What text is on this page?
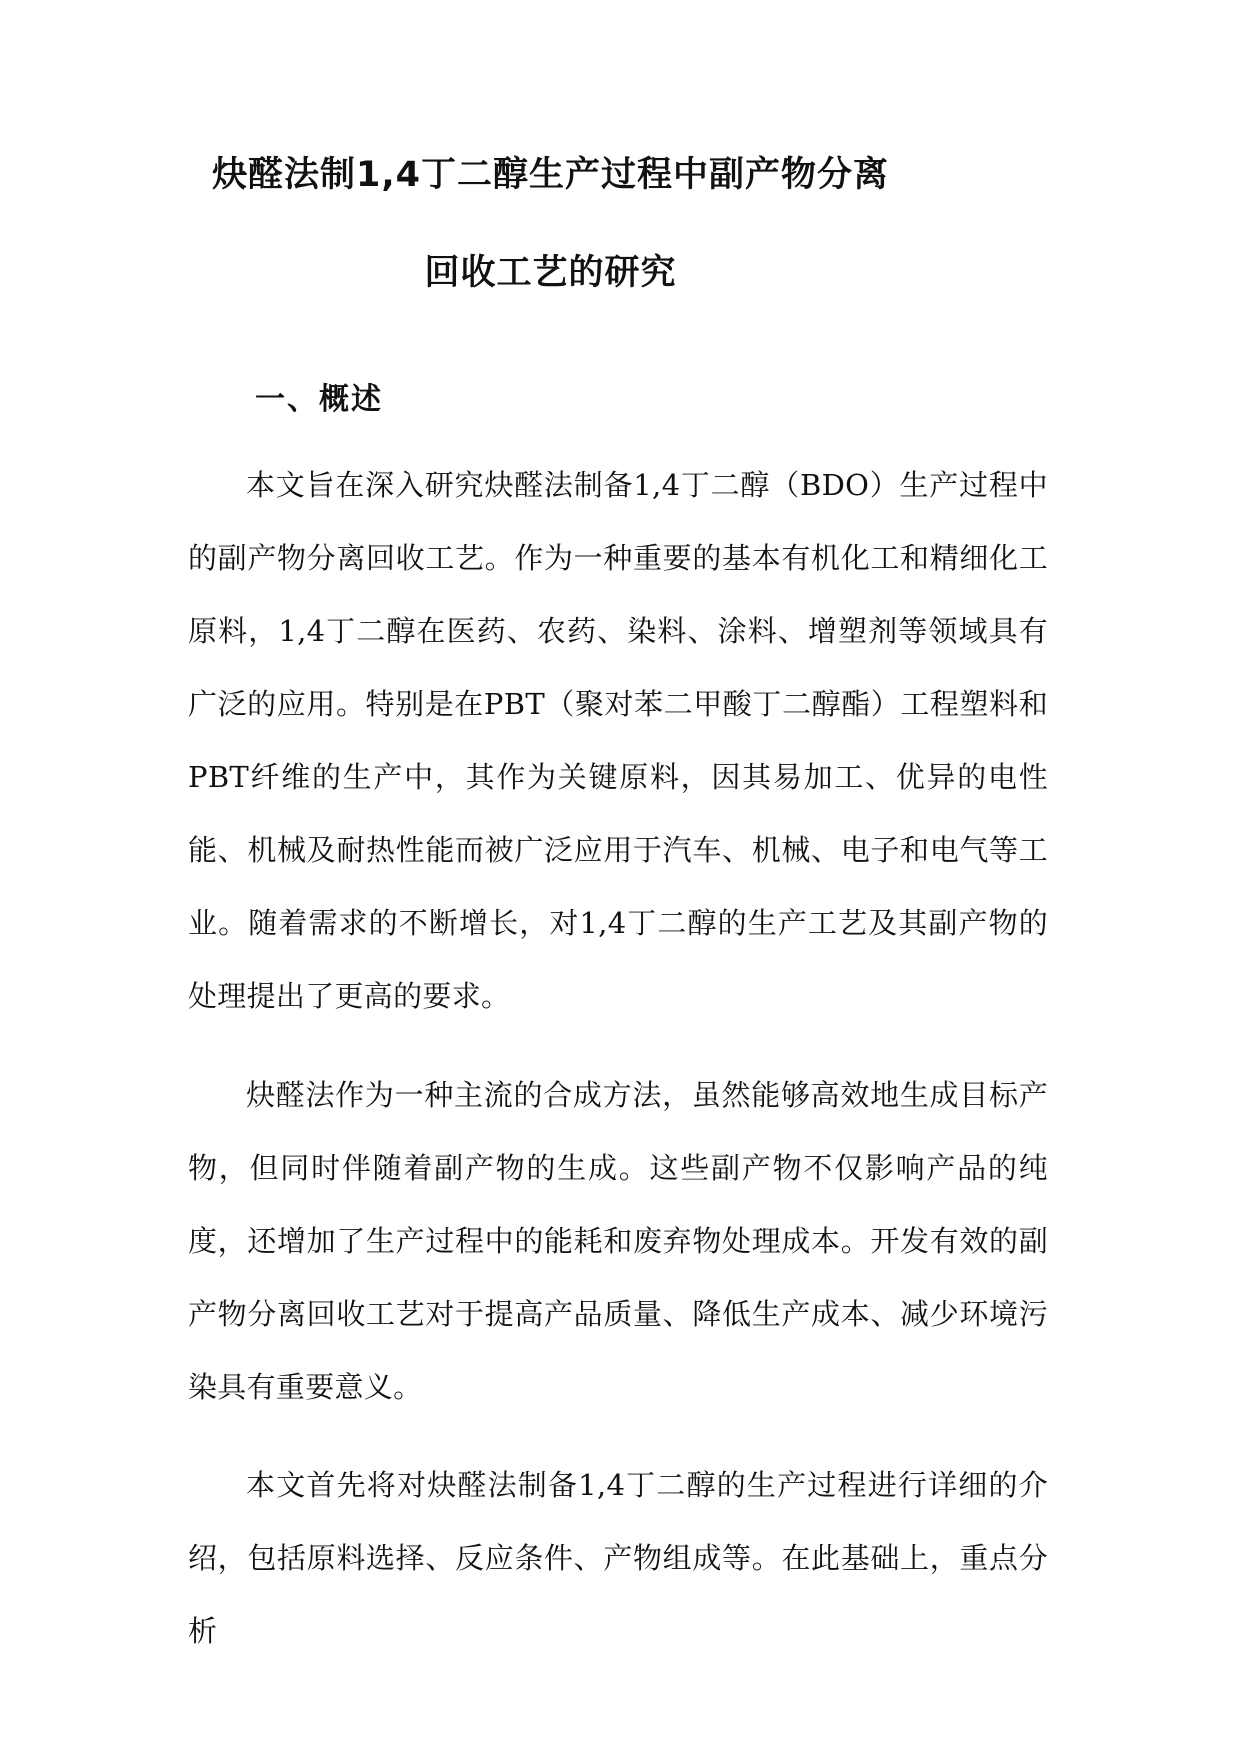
炔醛法制1,4丁二醇生产过程中副产物分离
回收工艺的研究
一、概述

本文旨在深入研究炔醛法制备1,4丁二醇（BDO）生产过程中的副产物分离回收工艺。作为一种重要的基本有机化工和精细化工原料，1,4丁二醇在医药、农药、染料、涂料、增塑剂等领域具有广泛的应用。特别是在PBT（聚对苯二甲酸丁二醇酯）工程塑料和PBT纤维的生产中，其作为关键原料，因其易加工、优异的电性能、机械及耐热性能而被广泛应用于汽车、机械、电子和电气等工业。随着需求的不断增长，对1,4丁二醇的生产工艺及其副产物的处理提出了更高的要求。

炔醛法作为一种主流的合成方法，虽然能够高效地生成目标产物，但同时伴随着副产物的生成。这些副产物不仅影响产品的纯度，还增加了生产过程中的能耗和废弃物处理成本。开发有效的副产物分离回收工艺对于提高产品质量、降低生产成本、减少环境污染具有重要意义。

本文首先将对炔醛法制备1,4丁二醇的生产过程进行详细的介绍，包括原料选择、反应条件、产物组成等。在此基础上，重点分析
